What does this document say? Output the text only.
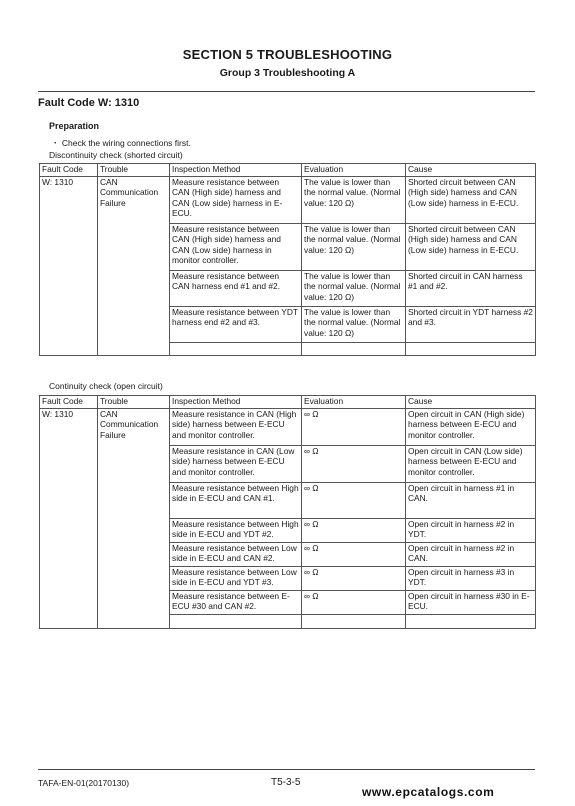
SECTION 5 TROUBLESHOOTING
Group 3 Troubleshooting A
Fault Code W: 1310
Preparation
・ Check the wiring connections first.
Discontinuity check (shorted circuit)
Fault Code	Trouble	Inspection Method	Evaluation	Cause
W: 1310	CAN Communication Failure	Measure resistance between CAN (High side) harness and CAN (Low side) harness in E-ECU.	The value is lower than the normal value. (Normal value: 120 Ω)	Shorted circuit between CAN (High side) harness and CAN (Low side) harness in E-ECU.
		Measure resistance between CAN (High side) harness and CAN (Low side) harness in monitor controller.	The value is lower than the normal value. (Normal value: 120 Ω)	Shorted circuit between CAN (High side) harness and CAN (Low side) harness in E-ECU.
		Measure resistance between CAN harness end #1 and #2.	The value is lower than the normal value. (Normal value: 120 Ω)	Shorted circuit in CAN harness #1 and #2.
		Measure resistance between YDT harness end #2 and #3.	The value is lower than the normal value. (Normal value: 120 Ω)	Shorted circuit in YDT harness #2 and #3.

Continuity check (open circuit)
Fault Code	Trouble	Inspection Method	Evaluation	Cause
W: 1310	CAN Communication Failure	Measure resistance in CAN (High side) harness between E-ECU and monitor controller.	∞ Ω	Open circuit in CAN (High side) harness between E-ECU and monitor controller.
		Measure resistance in CAN (Low side) harness between E-ECU and monitor controller.	∞ Ω	Open circuit in CAN (Low side) harness between E-ECU and monitor controller.
		Measure resistance between High side in E-ECU and CAN #1.	∞ Ω	Open circuit in harness #1 in CAN.
		Measure resistance between High side in E-ECU and YDT #2.	∞ Ω	Open circuit in harness #2 in YDT.
		Measure resistance between Low side in E-ECU and CAN #2.	∞ Ω	Open circuit in harness #2 in CAN.
		Measure resistance between Low side in E-ECU and YDT #3.	∞ Ω	Open circuit in harness #3 in YDT.
		Measure resistance between E-ECU #30 and CAN #2.	∞ Ω	Open circuit in harness #30 in E-ECU.

TAFA-EN-01(20170130)	T5-3-5
www.epcatalogs.com
